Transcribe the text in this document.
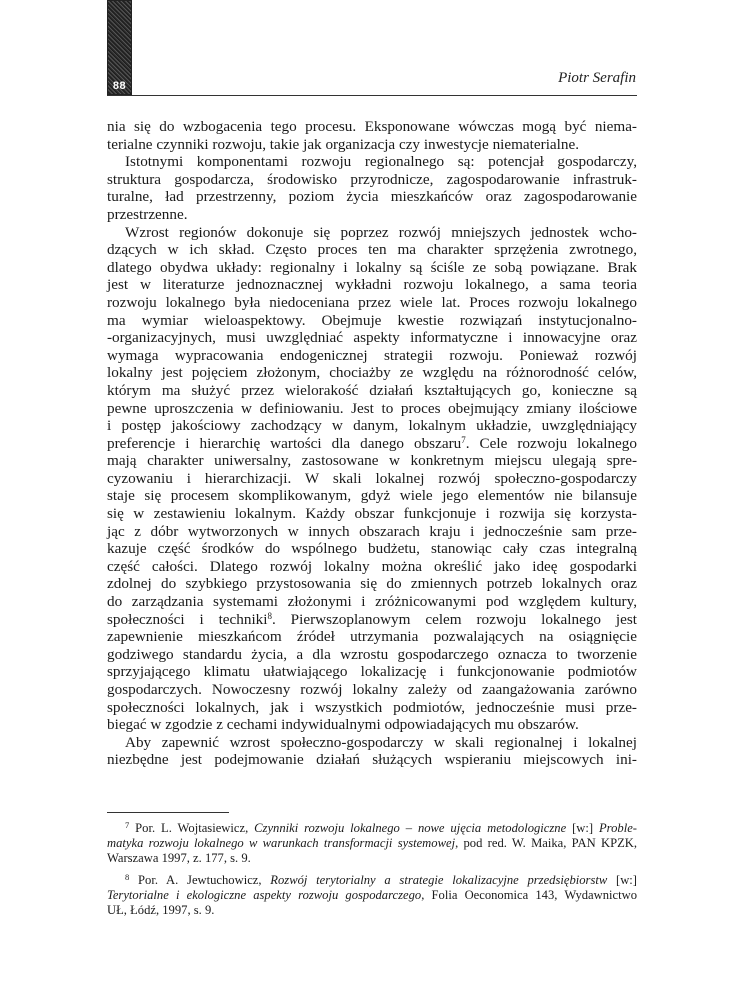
88	Piotr Serafin
nia się do wzbogacenia tego procesu. Eksponowane wówczas mogą być niema-
terialne czynniki rozwoju, takie jak organizacja czy inwestycje niematerialne.
Istotnymi komponentami rozwoju regionalnego są: potencjał gospodarczy,
struktura gospodarcza, środowisko przyrodnicze, zagospodarowanie infrastruk-
turalne, ład przestrzenny, poziom życia mieszkańców oraz zagospodarowanie
przestrzenne.
Wzrost regionów dokonuje się poprzez rozwój mniejszych jednostek wcho-
dzących w ich skład. Często proces ten ma charakter sprzężenia zwrotnego,
dlatego obydwa układy: regionalny i lokalny są ściśle ze sobą powiązane. Brak
jest w literaturze jednoznacznej wykładni rozwoju lokalnego, a sama teoria
rozwoju lokalnego była niedoceniana przez wiele lat. Proces rozwoju lokalnego
ma wymiar wieloaspektowy. Obejmuje kwestie rozwiązań instytucjonalno-
-organizacyjnych, musi uwzględniać aspekty informatyczne i innowacyjne oraz
wymaga wypracowania endogenicznej strategii rozwoju. Ponieważ rozwój
lokalny jest pojęciem złożonym, chociażby ze względu na różnorodność celów,
którym ma służyć przez wielorakość działań kształtujących go, konieczne są
pewne uproszczenia w definiowaniu. Jest to proces obejmujący zmiany ilościowe
i postęp jakościowy zachodzący w danym, lokalnym układzie, uwzględniający
preferencje i hierarchię wartości dla danego obszaru$^7$. Cele rozwoju lokalnego
mają charakter uniwersalny, zastosowane w konkretnym miejscu ulegają spre-
cyzowaniu i hierarchizacji. W skali lokalnej rozwój społeczno-gospodarczy
staje się procesem skomplikowanym, gdyż wiele jego elementów nie bilansuje
się w zestawieniu lokalnym. Każdy obszar funkcjonuje i rozwija się korzysta-
jąc z dóbr wytworzonych w innych obszarach kraju i jednocześnie sam prze-
kazuje część środków do wspólnego budżetu, stanowiąc cały czas integralną
część całości. Dlatego rozwój lokalny można określić jako ideę gospodarki
zdolnej do szybkiego przystosowania się do zmiennych potrzeb lokalnych oraz
do zarządzania systemami złożonymi i zróżnicowanymi pod względem kultury,
społeczności i techniki$^8$. Pierwszoplanowym celem rozwoju lokalnego jest
zapewnienie mieszkańcom źródeł utrzymania pozwalających na osiągnięcie
godziwego standardu życia, a dla wzrostu gospodarczego oznacza to tworzenie
sprzyjającego klimatu ułatwiającego lokalizację i funkcjonowanie podmiotów
gospodarczych. Nowoczesny rozwój lokalny zależy od zaangażowania zarówno
społeczności lokalnych, jak i wszystkich podmiotów, jednocześnie musi prze-
biegać w zgodzie z cechami indywidualnymi odpowiadających mu obszarów.
Aby zapewnić wzrost społeczno-gospodarczy w skali regionalnej i lokalnej
niezbędne jest podejmowanie działań służących wspieraniu miejscowych ini-
$^7$ Por. L. Wojtasiewicz, Czynniki rozwoju lokalnego – nowe ujęcia metodologiczne [w:] Proble-
matyka rozwoju lokalnego w warunkach transformacji systemowej, pod red. W. Maika, PAN KPZK,
Warszawa 1997, z. 177, s. 9.
$^8$ Por. A. Jewtuchowicz, Rozwój terytorialny a strategie lokalizacyjne przedsiębiorstw [w:]
Terytorialne i ekologiczne aspekty rozwoju gospodarczego, Folia Oeconomica 143, Wydawnictwo
UŁ, Łódź, 1997, s. 9.
